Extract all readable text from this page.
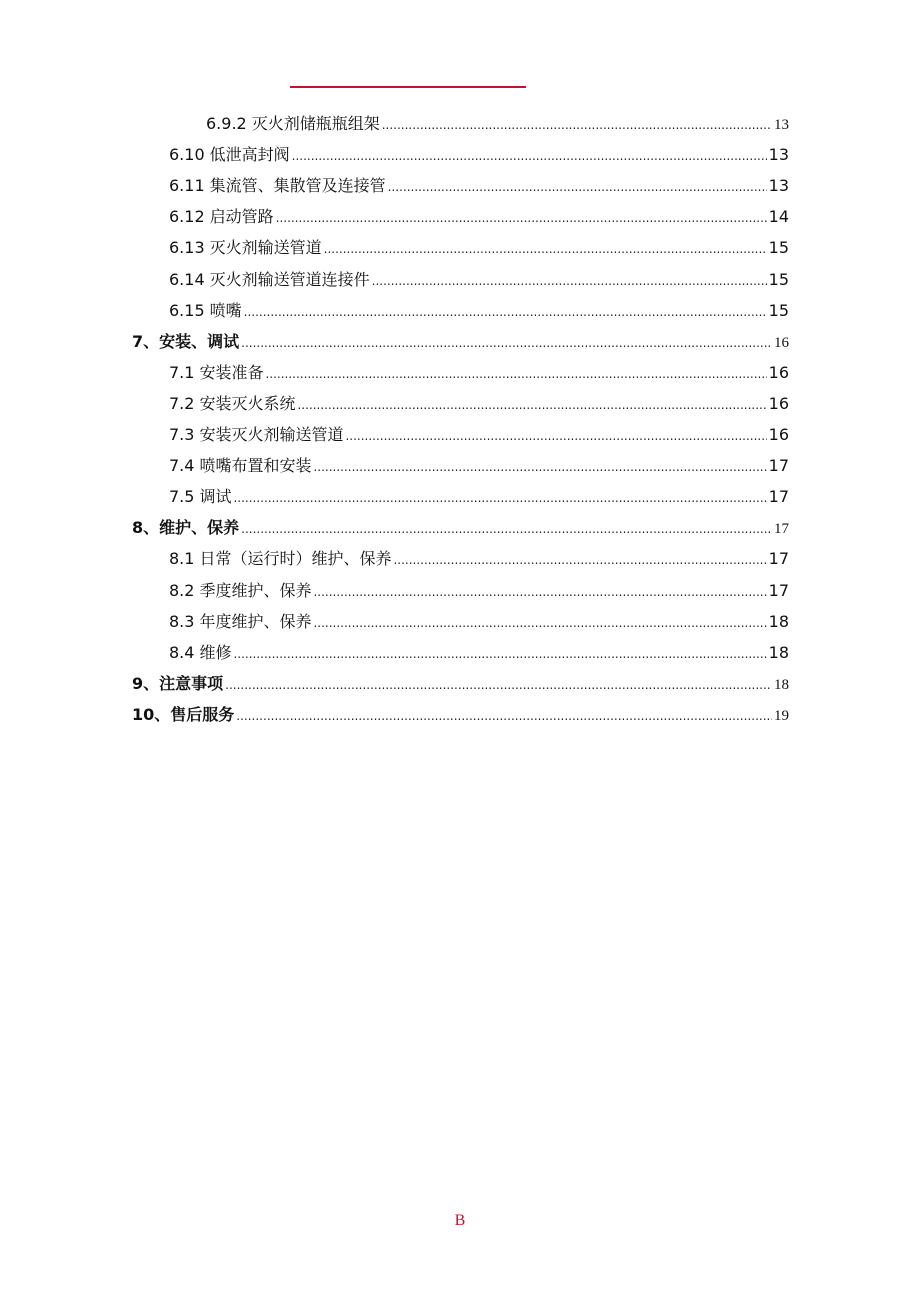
6.9.2 灭火剂储瓶瓶组架 .....	13
6.10 低泄高封阀 .....	13
6.11 集流管、集散管及连接管 .....	13
6.12 启动管路 .....	14
6.13 灭火剂输送管道 .....	15
6.14 灭火剂输送管道连接件 .....	15
6.15 喷嘴 .....	15
7、 安装、调试 .....	16
7.1 安装准备 .....	16
7.2 安装灭火系统 .....	16
7.3 安装灭火剂输送管道 .....	16
7.4 喷嘴布置和安装 .....	17
7.5 调试 .....	17
8、 维护、保养 .....	17
8.1 日常（运行时）维护、保养 .....	17
8.2 季度维护、保养 .....	17
8.3 年度维护、保养 .....	18
8.4 维修 .....	18
9、 注意事项 .....	18
10、 售后服务 .....	19
B
